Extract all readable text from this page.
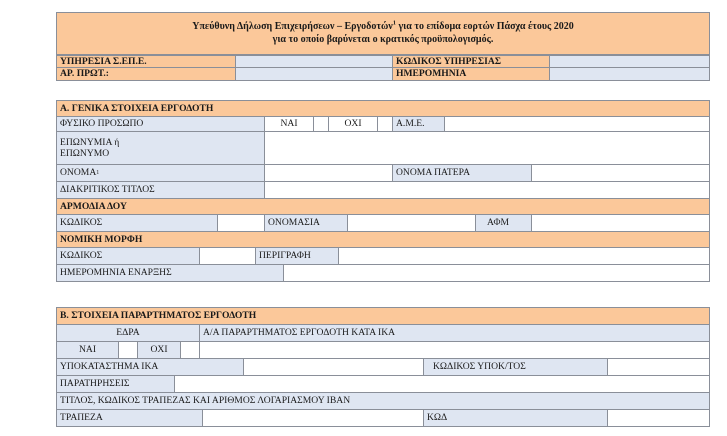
Υπεύθυνη Δήλωση Επιχειρήσεων – Εργοδοτών$^1$ για το επίδομα εορτών Πάσχα έτους 2020
για το οποίο βαρύνεται ο κρατικός προϋπολογισμός.
ΥΠΗΡΕΣΙΑ Σ.ΕΠ.Ε.	ΚΩΔΙΚΟΣ ΥΠΗΡΕΣΙΑΣ
ΑΡ. ΠΡΩΤ.:	ΗΜΕΡΟΜΗΝΙΑ
Α. ΓΕΝΙΚΑ ΣΤΟΙΧΕΙΑ ΕΡΓΟΔΟΤΗ
ΦΥΣΙΚΟ ΠΡΟΣΩΠΟ	ΝΑΙ	ΟΧΙ	Α.Μ.Ε.
ΕΠΩΝΥΜΙΑ ή
ΕΠΩΝΥΜΟ
ΟΝΟΜΑ 1	ΟΝΟΜΑ ΠΑΤΕΡΑ
ΔΙΑΚΡΙΤΙΚΟΣ ΤΙΤΛΟΣ
ΑΡΜΟΔΙΑ ΔΟΥ
ΚΩΔΙΚΟΣ	ΟΝΟΜΑΣΙΑ	ΑΦΜ
ΝΟΜΙΚΗ ΜΟΡΦΗ
ΚΩΔΙΚΟΣ	ΠΕΡΙΓΡΑΦΗ
ΗΜΕΡΟΜΗΝΙΑ ΕΝΑΡΞΗΣ
Β. ΣΤΟΙΧΕΙΑ ΠΑΡΑΡΤΗΜΑΤΟΣ ΕΡΓΟΔΟΤΗ
ΕΔΡΑ	Α/Α ΠΑΡΑΡΤΗΜΑΤΟΣ ΕΡΓΟΔΟΤΗ ΚΑΤΑ ΙΚΑ
ΝΑΙ	ΟΧΙ
ΥΠΟΚΑΤΑΣΤΗΜΑ ΙΚΑ	ΚΩΔΙΚΟΣ ΥΠΟΚ/ΤΟΣ
ΠΑΡΑΤΗΡΗΣΕΙΣ
ΤΙΤΛΟΣ, ΚΩΔΙΚΟΣ ΤΡΑΠΕΖΑΣ ΚΑΙ ΑΡΙΘΜΟΣ ΛΟΓΑΡΙΑΣΜΟΥ IBAN
ΤΡΑΠΕΖΑ	ΚΩΔ
